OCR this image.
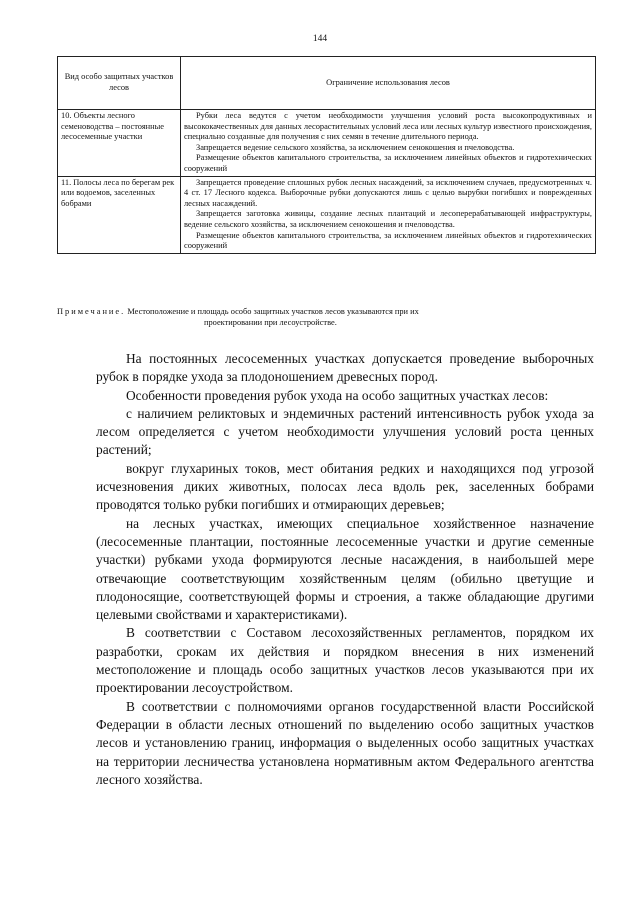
144
Вид особо защитных участков лесов	Ограничение использования лесов
10. Объекты лесного семеноводства – постоянные лесосеменные участки	Рубки леса ведутся с учетом необходимости улучшения условий роста высокопродуктивных и высококачественных для данных лесорастительных условий леса или лесных культур известного происхождения, специально созданные для получения с них семян в течение длительного периода.

Запрещается ведение сельского хозяйства, за исключением сенокошения и пчеловодства.

Размещение объектов капитального строительства, за исключением линейных объектов и гидротехнических сооружений

11. Полосы леса по берегам рек или водоемов, заселенных бобрами	Запрещается проведение сплошных рубок лесных насаждений, за исключением случаев, предусмотренных ч. 4 ст. 17 Лесного кодекса. Выборочные рубки допускаются лишь с целью вырубки погибших и поврежденных лесных насаждений.

Запрещается заготовка живицы, создание лесных плантаций и лесоперерабатывающей инфраструктуры, ведение сельского хозяйства, за исключением сенокошения и пчеловодства.

Размещение объектов капитального строительства, за исключением линейных объектов и гидротехнических сооружений

Примечание. Местоположение и площадь особо защитных участков лесов указываются при их
проектировании при лесоустройстве.

На постоянных лесосеменных участках допускается проведение выборочных рубок в порядке ухода за плодоношением древесных пород.

Особенности проведения рубок ухода на особо защитных участках лесов:

с наличием реликтовых и эндемичных растений интенсивность рубок ухода за лесом определяется с учетом необходимости улучшения условий роста ценных растений;

вокруг глухариных токов, мест обитания редких и находящихся под угрозой исчезновения диких животных, полосах леса вдоль рек, заселенных бобрами проводятся только рубки погибших и отмирающих деревьев;

на лесных участках, имеющих специальное хозяйственное назначение (лесосеменные плантации, постоянные лесосеменные участки и другие семенные участки) рубками ухода формируются лесные насаждения, в наибольшей мере отвечающие соответствующим хозяйственным целям (обильно цветущие и плодоносящие, соответствующей формы и строения, а также обладающие другими целевыми свойствами и характеристиками).

В соответствии с Составом лесохозяйственных регламентов, порядком их разработки, срокам их действия и порядком внесения в них изменений местоположение и площадь особо защитных участков лесов указываются при их проектировании лесоустройством.

В соответствии с полномочиями органов государственной власти Российской Федерации в области лесных отношений по выделению особо защитных участков лесов и установлению границ, информация о выделенных особо защитных участках на территории лесничества установлена нормативным актом Федерального агентства лесного хозяйства.
